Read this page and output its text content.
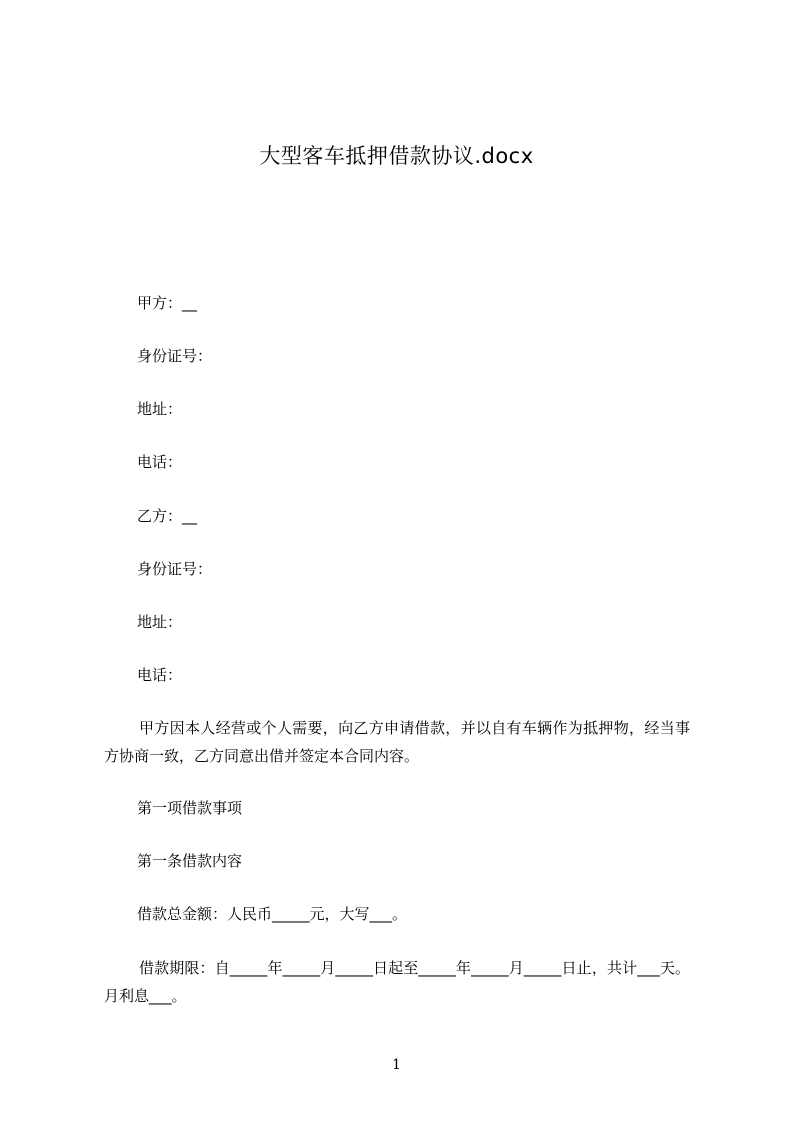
大型客车抵押借款协议.docx
甲方：__
身份证号：
地址：
电话：
乙方：__
身份证号：
地址：
电话：
甲方因本人经营或个人需要，向乙方申请借款，并以自有车辆作为抵押物，经当事方协商一致，乙方同意出借并签定本合同内容。
第一项借款事项
第一条借款内容
借款总金额：人民币_____元，大写___。
借款期限：自_____年_____月_____日起至_____年_____月_____日止，共计___天。月利息___。
1
